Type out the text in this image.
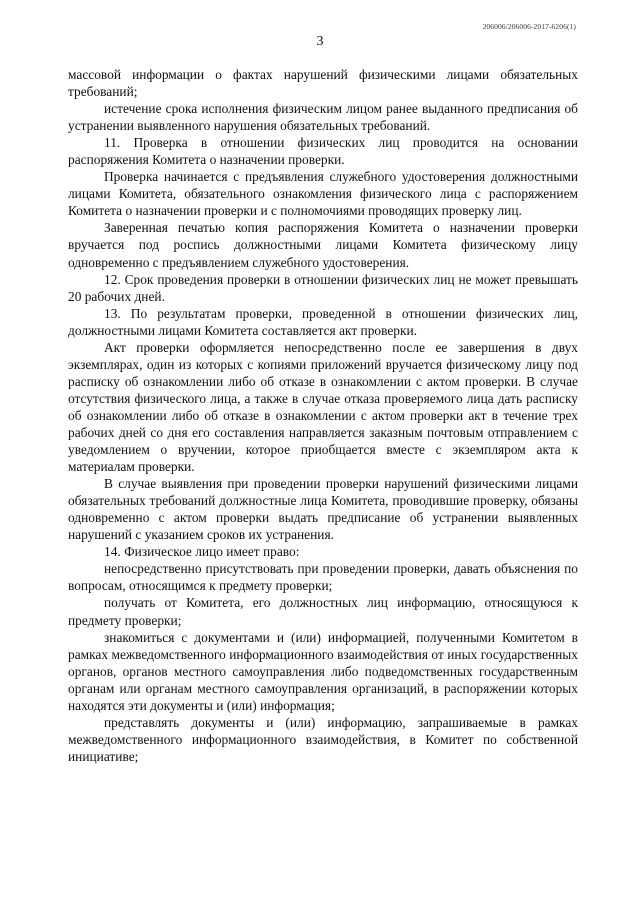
206006/206006-2017-6206(1)
3

массовой информации о фактах нарушений физическими лицами обязательных требований;

истечение срока исполнения физическим лицом ранее выданного предписания об устранении выявленного нарушения обязательных требований.

11. Проверка в отношении физических лиц проводится на основании распоряжения Комитета о назначении проверки.

Проверка начинается с предъявления служебного удостоверения должностными лицами Комитета, обязательного ознакомления физического лица с распоряжением Комитета о назначении проверки и с полномочиями проводящих проверку лиц.

Заверенная печатью копия распоряжения Комитета о назначении проверки вручается под роспись должностными лицами Комитета физическому лицу одновременно с предъявлением служебного удостоверения.

12. Срок проведения проверки в отношении физических лиц не может превышать 20 рабочих дней.

13. По результатам проверки, проведенной в отношении физических лиц, должностными лицами Комитета составляется акт проверки.

Акт проверки оформляется непосредственно после ее завершения в двух экземплярах, один из которых с копиями приложений вручается физическому лицу под расписку об ознакомлении либо об отказе в ознакомлении с актом проверки. В случае отсутствия физического лица, а также в случае отказа проверяемого лица дать расписку об ознакомлении либо об отказе в ознакомлении с актом проверки акт в течение трех рабочих дней со дня его составления направляется заказным почтовым отправлением с уведомлением о вручении, которое приобщается вместе с экземпляром акта к материалам проверки.

В случае выявления при проведении проверки нарушений физическими лицами обязательных требований должностные лица Комитета, проводившие проверку, обязаны одновременно с актом проверки выдать предписание об устранении выявленных нарушений с указанием сроков их устранения.

14. Физическое лицо имеет право:

непосредственно присутствовать при проведении проверки, давать объяснения по вопросам, относящимся к предмету проверки;

получать от Комитета, его должностных лиц информацию, относящуюся к предмету проверки;

знакомиться с документами и (или) информацией, полученными Комитетом в рамках межведомственного информационного взаимодействия от иных государственных органов, органов местного самоуправления либо подведомственных государственным органам или органам местного самоуправления организаций, в распоряжении которых находятся эти документы и (или) информация;

представлять документы и (или) информацию, запрашиваемые в рамках межведомственного информационного взаимодействия, в Комитет по собственной инициативе;
